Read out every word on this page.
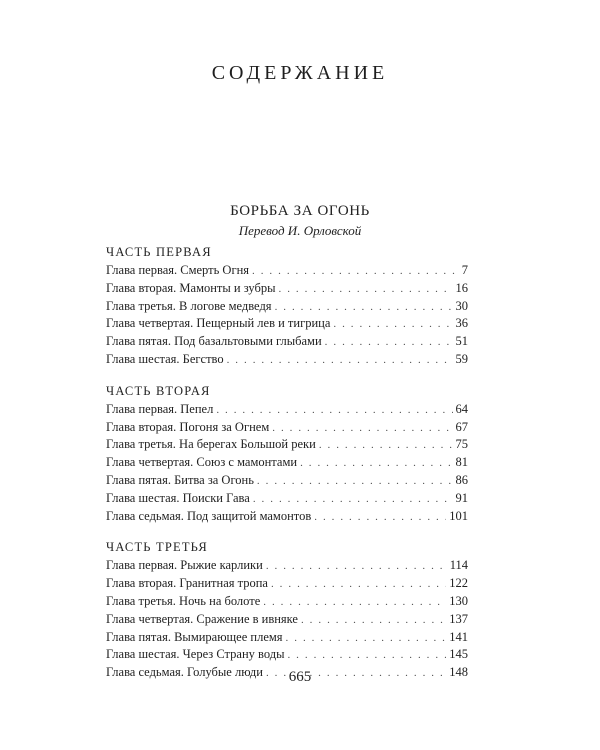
СОДЕРЖАНИЕ
БОРЬБА ЗА ОГОНЬ
Перевод И. Орловской
ЧАСТЬ ПЕРВАЯ
Глава первая. Смерть Огня . . .	7
Глава вторая. Мамонты и зубры . . .	16
Глава третья. В логове медведя . . .	30
Глава четвертая. Пещерный лев и тигрица . . .	36
Глава пятая. Под базальтовыми глыбами . . .	51
Глава шестая. Бегство . . .	59
ЧАСТЬ ВТОРАЯ
Глава первая. Пепел . . .	64
Глава вторая. Погоня за Огнем . . .	67
Глава третья. На берегах Большой реки . . .	75
Глава четвертая. Союз с мамонтами . . .	81
Глава пятая. Битва за Огонь . . .	86
Глава шестая. Поиски Гава . . .	91
Глава седьмая. Под защитой мамонтов . . .	101
ЧАСТЬ ТРЕТЬЯ
Глава первая. Рыжие карлики . . .	114
Глава вторая. Гранитная тропа . . .	122
Глава третья. Ночь на болоте . . .	130
Глава четвертая. Сражение в ивняке . . .	137
Глава пятая. Вымирающее племя . . .	141
Глава шестая. Через Страну воды . . .	145
Глава седьмая. Голубые люди . . .	148
665
